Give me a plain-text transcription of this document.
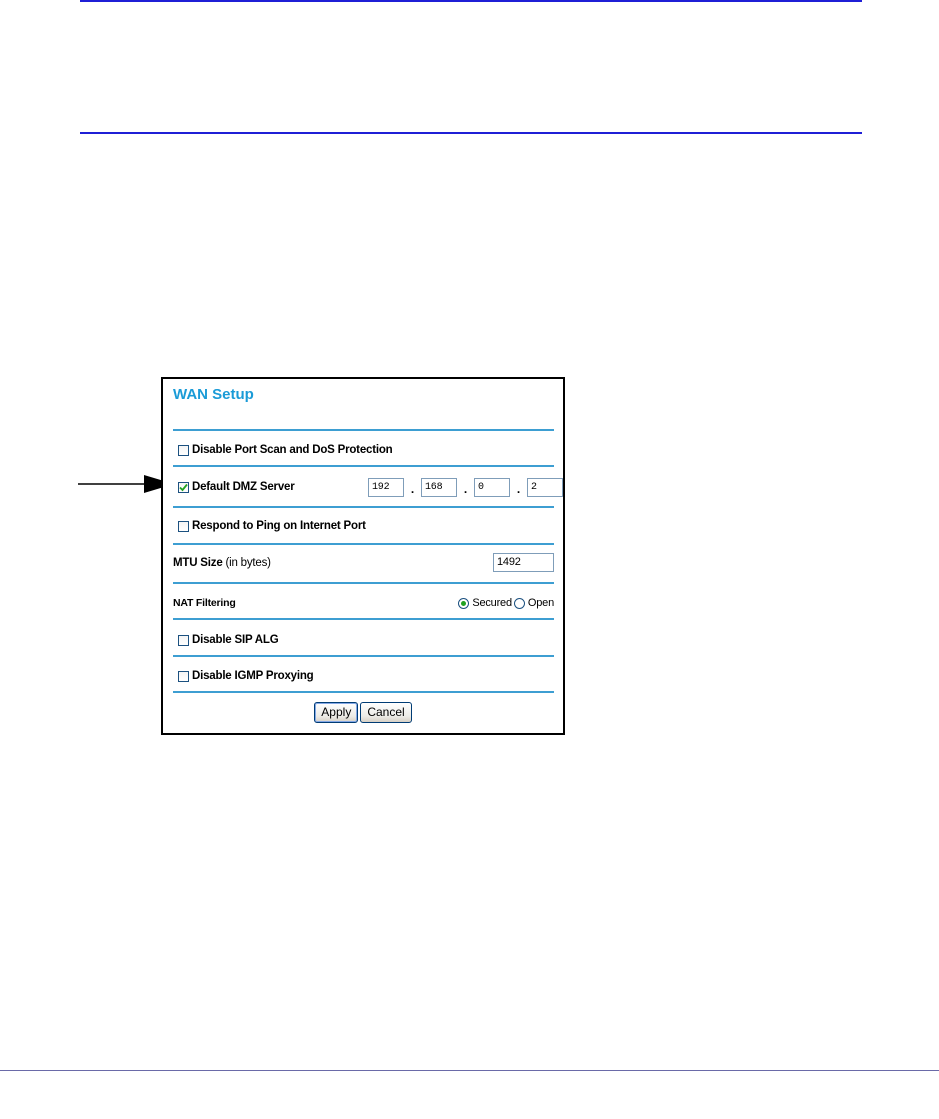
WAN Setup
Disable Port Scan and DoS Protection
Default DMZ Server	192	.	168	.	0	.	2
Respond to Ping on Internet Port
MTU Size (in bytes)	1492
NAT Filtering	Secured Open
Disable SIP ALG
Disable IGMP Proxying
Apply	Cancel
